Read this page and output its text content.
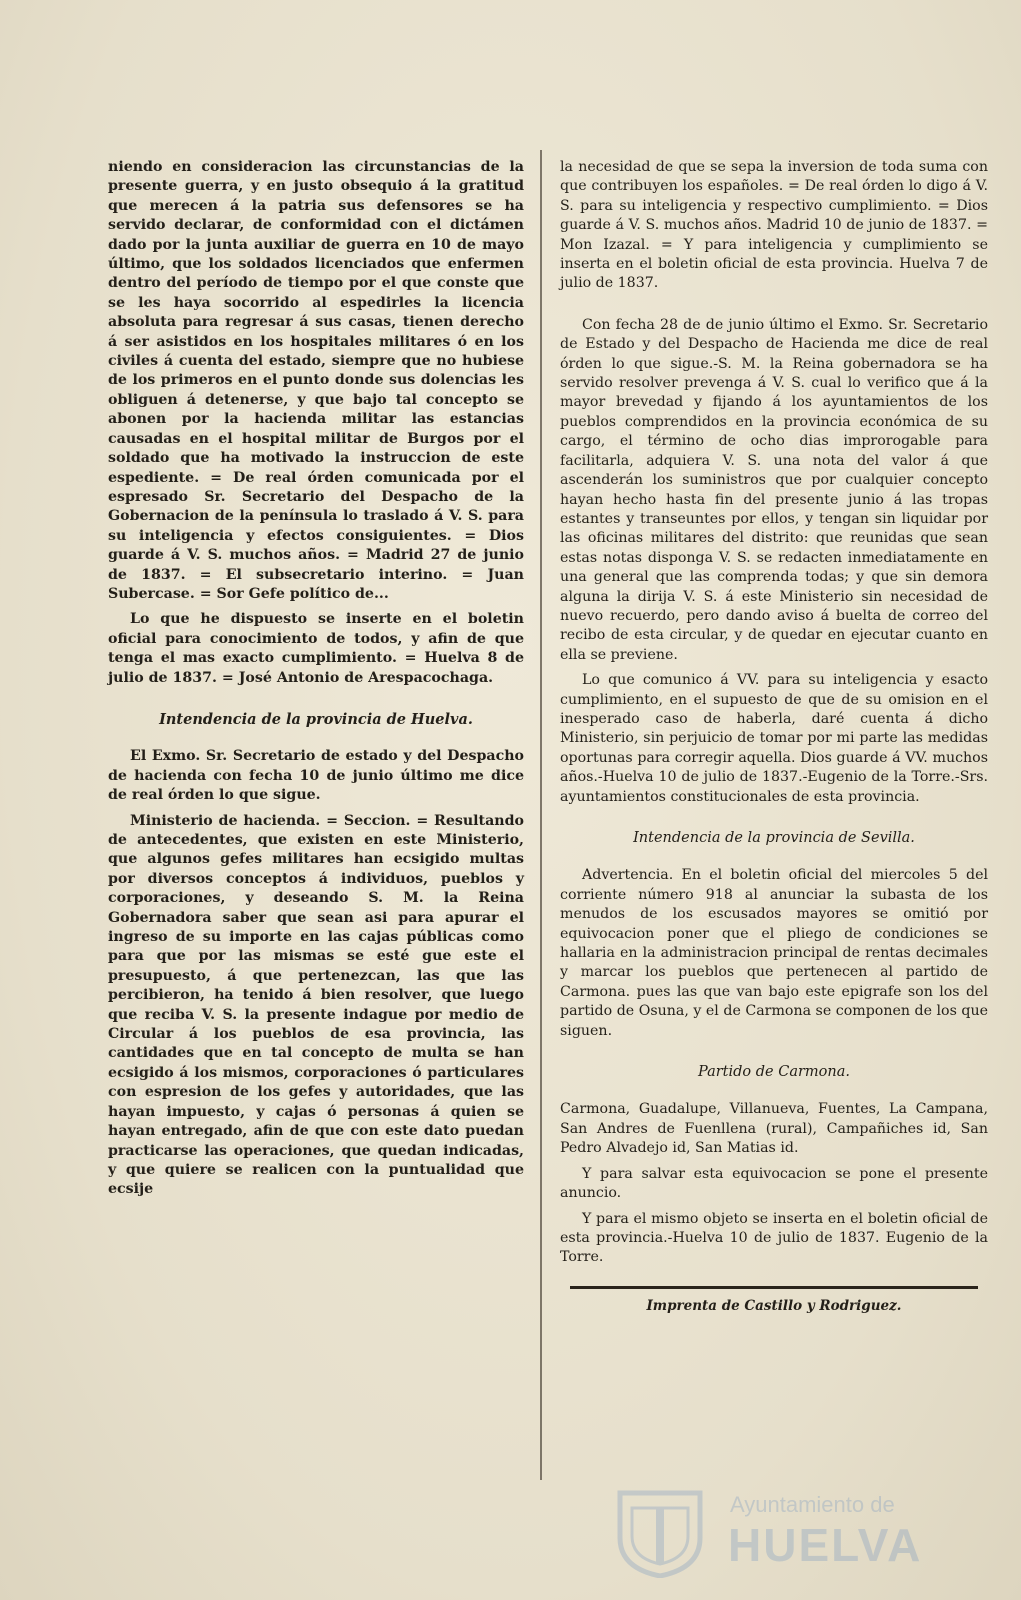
niendo en consideracion las circunstancias de la presente guerra, y en justo obsequio á la gratitud que merecen á la patria sus defensores se ha servido declarar, de conformidad con el dictámen dado por la junta auxiliar de guerra en 10 de mayo último, que los soldados licenciados que enfermen dentro del período de tiempo por el que conste que se les haya socorrido al espedirles la licencia absoluta para regresar á sus casas, tienen derecho á ser asistidos en los hospitales militares ó en los civiles á cuenta del estado, siempre que no hubiese de los primeros en el punto donde sus dolencias les obliguen á detenerse, y que bajo tal concepto se abonen por la hacienda militar las estancias causadas en el hospital militar de Burgos por el soldado que ha motivado la instruccion de este espediente. = De real órden comunicada por el espresado Sr. Secretario del Despacho de la Gobernacion de la península lo traslado á V. S. para su inteligencia y efectos consiguientes. = Dios guarde á V. S. muchos años. = Madrid 27 de junio de 1837. = El subsecretario interino. = Juan Subercase. = Sor Gefe político de...

Lo que he dispuesto se inserte en el boletin oficial para conocimiento de todos, y afin de que tenga el mas exacto cumplimiento. = Huelva 8 de julio de 1837. = José Antonio de Arespacochaga.

Intendencia de la provincia de Huelva.

El Exmo. Sr. Secretario de estado y del Despacho de hacienda con fecha 10 de junio último me dice de real órden lo que sigue.

Ministerio de hacienda. = Seccion. = Resultando de antecedentes, que existen en este Ministerio, que algunos gefes militares han ecsigido multas por diversos conceptos á individuos, pueblos y corporaciones, y deseando S. M. la Reina Gobernadora saber que sean asi para apurar el ingreso de su importe en las cajas públicas como para que por las mismas se esté gue este el presupuesto, á que pertenezcan, las que las percibieron, ha tenido á bien resolver, que luego que reciba V. S. la presente indague por medio de Circular á los pueblos de esa provincia, las cantidades que en tal concepto de multa se han ecsigido á los mismos, corporaciones ó particulares con espresion de los gefes y autoridades, que las hayan impuesto, y cajas ó personas á quien se hayan entregado, afin de que con este dato puedan practicarse las operaciones, que quedan indicadas, y que quiere se realicen con la puntualidad que ecsije

la necesidad de que se sepa la inversion de toda suma con que contribuyen los españoles. = De real órden lo digo á V. S. para su inteligencia y respectivo cumplimiento. = Dios guarde á V. S. muchos años. Madrid 10 de junio de 1837. = Mon Izazal. = Y para inteligencia y cumplimiento se inserta en el boletin oficial de esta provincia. Huelva 7 de julio de 1837.

Con fecha 28 de de junio último el Exmo. Sr. Secretario de Estado y del Despacho de Hacienda me dice de real órden lo que sigue.-S. M. la Reina gobernadora se ha servido resolver prevenga á V. S. cual lo verifico que á la mayor brevedad y fijando á los ayuntamientos de los pueblos comprendidos en la provincia económica de su cargo, el término de ocho dias improrogable para facilitarla, adquiera V. S. una nota del valor á que ascenderán los suministros que por cualquier concepto hayan hecho hasta fin del presente junio á las tropas estantes y transeuntes por ellos, y tengan sin liquidar por las oficinas militares del distrito: que reunidas que sean estas notas disponga V. S. se redacten inmediatamente en una general que las comprenda todas; y que sin demora alguna la dirija V. S. á este Ministerio sin necesidad de nuevo recuerdo, pero dando aviso á buelta de correo del recibo de esta circular, y de quedar en ejecutar cuanto en ella se previene.

Lo que comunico á VV. para su inteligencia y esacto cumplimiento, en el supuesto de que de su omision en el inesperado caso de haberla, daré cuenta á dicho Ministerio, sin perjuicio de tomar por mi parte las medidas oportunas para corregir aquella. Dios guarde á VV. muchos años.-Huelva 10 de julio de 1837.-Eugenio de la Torre.-Srs. ayuntamientos constitucionales de esta provincia.

Intendencia de la provincia de Sevilla.

Advertencia. En el boletin oficial del miercoles 5 del corriente número 918 al anunciar la subasta de los menudos de los escusados mayores se omitió por equivocacion poner que el pliego de condiciones se hallaria en la administracion principal de rentas decimales y marcar los pueblos que pertenecen al partido de Carmona. pues las que van bajo este epigrafe son los del partido de Osuna, y el de Carmona se componen de los que siguen.

Partido de Carmona.

Carmona, Guadalupe, Villanueva, Fuentes, La Campana, San Andres de Fuenllena (rural), Campañiches id, San Pedro Alvadejo id, San Matias id.

Y para salvar esta equivocacion se pone el presente anuncio.

Y para el mismo objeto se inserta en el boletin oficial de esta provincia.-Huelva 10 de julio de 1837. Eugenio de la Torre.

Imprenta de Castillo y Rodriguez.

Ayuntamiento de
HUELVA
